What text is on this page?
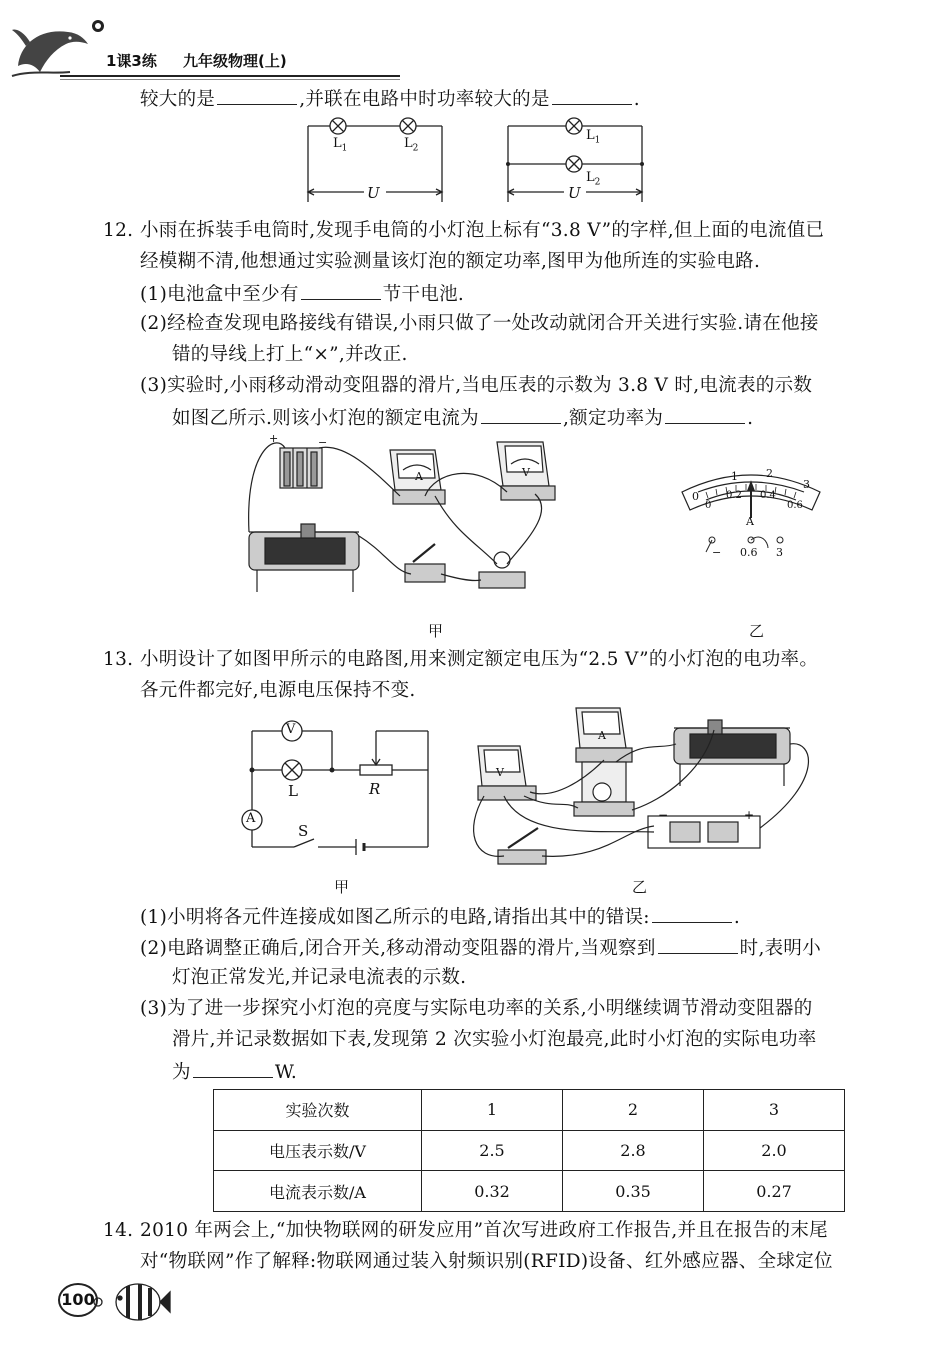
1课3练 九年级物理(上)
较大的是	,并联在电路中时功率较大的是	.
$L_1$	$L_2$
U
$L_1$
$L_2$
U
12. 小雨在拆装手电筒时,发现手电筒的小灯泡上标有“3.8 V”的字样,但上面的电流值已
经模糊不清,他想通过实验测量该灯泡的额定功率,图甲为他所连的实验电路.
(1)电池盒中至少有	节干电池.
(2)经检查发现电路接线有错误,小雨只做了一处改动就闭合开关进行实验.请在他接
错的导线上打上“×”,并改正.
(3)实验时,小雨移动滑动变阻器的滑片,当电压表的示数为 3.8 V 时,电流表的示数
如图乙所示.则该小灯泡的额定电流为	,额定功率为	.
+	−
A	V
甲
0
1	2
3
0
0.2 0.4
0.6
A
− 0.6 3
乙
13. 小明设计了如图甲所示的电路图,用来测定额定电压为“2.5 V”的小灯泡的电功率。
各元件都完好,电源电压保持不变.
V
A
L	R
S
甲
V
A
−	+
乙
(1)小明将各元件连接成如图乙所示的电路,请指出其中的错误:	.
(2)电路调整正确后,闭合开关,移动滑动变阻器的滑片,当观察到	时,表明小
灯泡正常发光,并记录电流表的示数.
(3)为了进一步探究小灯泡的亮度与实际电功率的关系,小明继续调节滑动变阻器的
滑片,并记录数据如下表,发现第 2 次实验小灯泡最亮,此时小灯泡的实际电功率
为	W.
实验次数	1	2	3
电压表示数/V	2.5	2.8	2.0
电流表示数/A	0.32	0.35	0.27
14. 2010 年两会上,“加快物联网的研发应用”首次写进政府工作报告,并且在报告的末尾
对“物联网”作了解释:物联网通过装入射频识别(RFID)设备、红外感应器、全球定位
100
